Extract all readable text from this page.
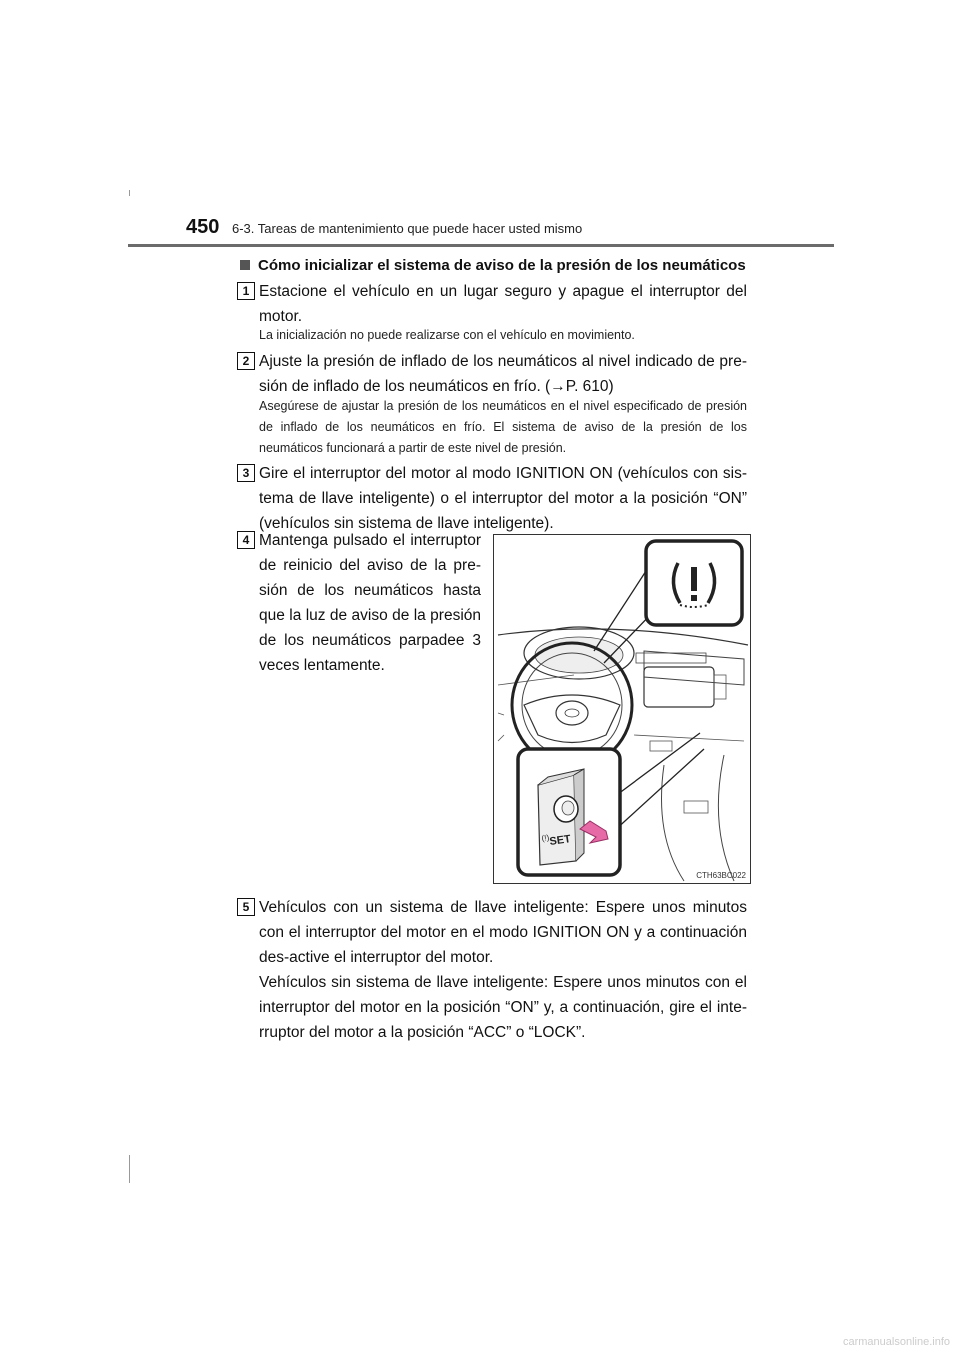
450 6-3. Tareas de mantenimiento que puede hacer usted mismo
Cómo inicializar el sistema de aviso de la presión de los neumáticos
1 Estacione el vehículo en un lugar seguro y apague el interruptor del motor.
La inicialización no puede realizarse con el vehículo en movimiento.
2 Ajuste la presión de inflado de los neumáticos al nivel indicado de pre-sión de inflado de los neumáticos en frío. (→P. 610)
Asegúrese de ajustar la presión de los neumáticos en el nivel especificado de presión de inflado de los neumáticos en frío. El sistema de aviso de la presión de los neumáticos funcionará a partir de este nivel de presión.
3 Gire el interruptor del motor al modo IGNITION ON (vehículos con sis-tema de llave inteligente) o el interruptor del motor a la posición “ON” (vehículos sin sistema de llave inteligente).
4 Mantenga pulsado el interruptor de reinicio del aviso de la pre-sión de los neumáticos hasta que la luz de aviso de la presión de los neumáticos parpadee 3 veces lentamente.
SET
(!)
CTH63BC022
5 Vehículos con un sistema de llave inteligente: Espere unos minutos con el interruptor del motor en el modo IGNITION ON y a continuación des-active el interruptor del motor.
Vehículos sin sistema de llave inteligente: Espere unos minutos con el interruptor del motor en la posición “ON” y, a continuación, gire el inte-rruptor del motor a la posición “ACC” o “LOCK”.
carmanualsonline.info
